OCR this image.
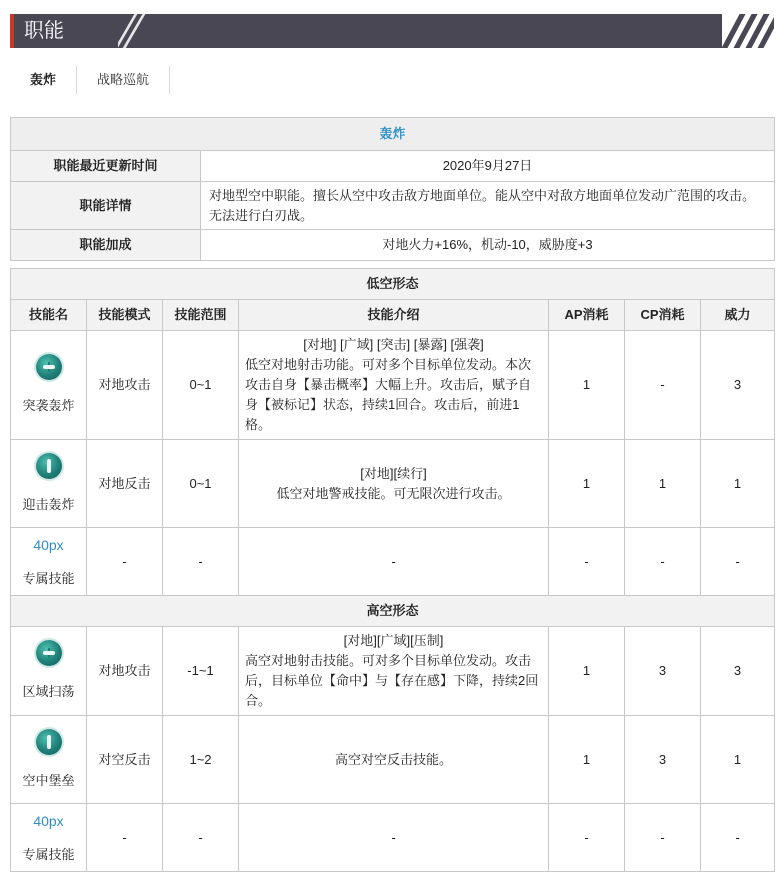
职能
轰炸	战略巡航
轰炸	
职能最近更新时间	2020年9月27日
职能详情	对地型空中职能。擅长从空中攻击敌方地面单位。能从空中对敌方地面单位发动广范围的攻击。无法进行白刃战。
职能加成	对地火力+16%，机动-10，威胁度+3
低空形态						
技能名	技能模式	技能范围	技能介绍	AP消耗	CP消耗	威力

突袭轰炸	对地攻击	0~1	[对地] [广域] [突击] [暴露] [强袭]
低空对地射击功能。可对多个目标单位发动。本次攻击自身【暴击概率】大幅上升。攻击后，赋予自身【被标记】状态，持续1回合。攻击后，前进1格。	1	-	3

迎击轰炸	对地反击	0~1	[对地][续行]
低空对地警戒技能。可无限次进行攻击。	1	1	1

40px
专属技能	-	-	-	-	-	-
高空形态						

区域扫荡	对地攻击	-1~1	[对地][广域][压制]
高空对地射击技能。可对多个目标单位发动。攻击后，目标单位【命中】与【存在感】下降，持续2回合。	1	3	3

空中堡垒	对空反击	1~2	高空对空反击技能。	1	3	1

40px
专属技能	-	-	-	-	-	-
